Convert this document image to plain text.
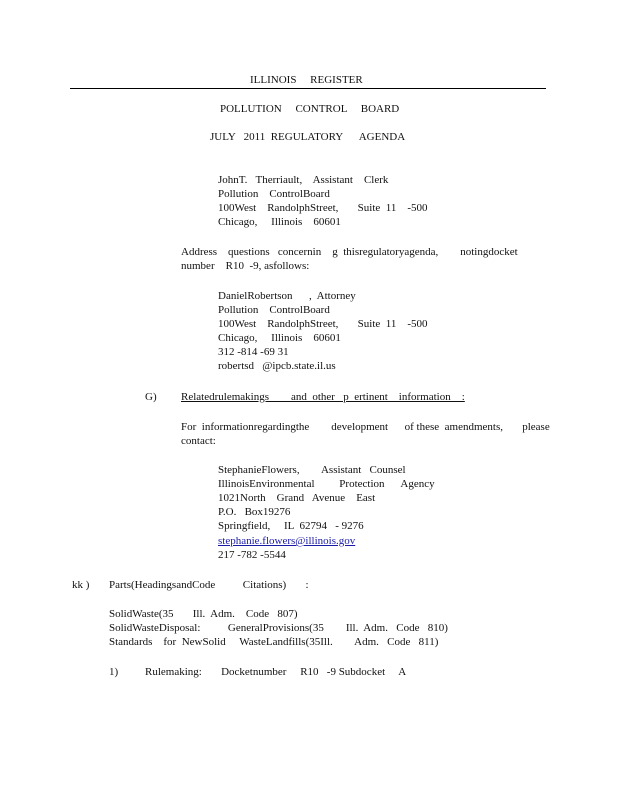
ILLINOIS     REGISTER
POLLUTION     CONTROL     BOARD
JULY   2011  REGULATORY      AGENDA
JohnT.   Therriault,    Assistant    Clerk
Pollution    ControlBoard
100West    RandolphStreet,       Suite  11    -500
Chicago,     Illinois    60601
Address    questions   concernin    g  thisregulatoryagenda,        notingdocket
number    R10  -9, asfollows:
DanielRobertson      ,  Attorney
Pollution    ControlBoard
100West    RandolphStreet,       Suite  11    -500
Chicago,     Illinois    60601
312 -814 -69 31
robertsd   @ipcb.state.il.us
G) Relatedrulemakings        and  other   p  ertinent    information    :
For  informationregardingthe        development      of these  amendments,       please
contact:
StephanieFlowers,        Assistant   Counsel
IllinoisEnvironmental         Protection      Agency
1021North    Grand   Avenue    East
P.O.   Box19276
Springfield,     IL  62794   - 9276
stephanie.flowers@illinois.gov
217 -782 -5544
kk ) Parts(HeadingsandCode          Citations)       :
SolidWaste(35       Ill.  Adm.    Code   807)
SolidWasteDisposal:          GeneralProvisions(35        Ill.  Adm.   Code   810)
Standards    for  NewSolid     WasteLandfills(35Ill.        Adm.   Code   811)
1) Rulemaking:       Docketnumber     R10   -9 Subdocket     A
